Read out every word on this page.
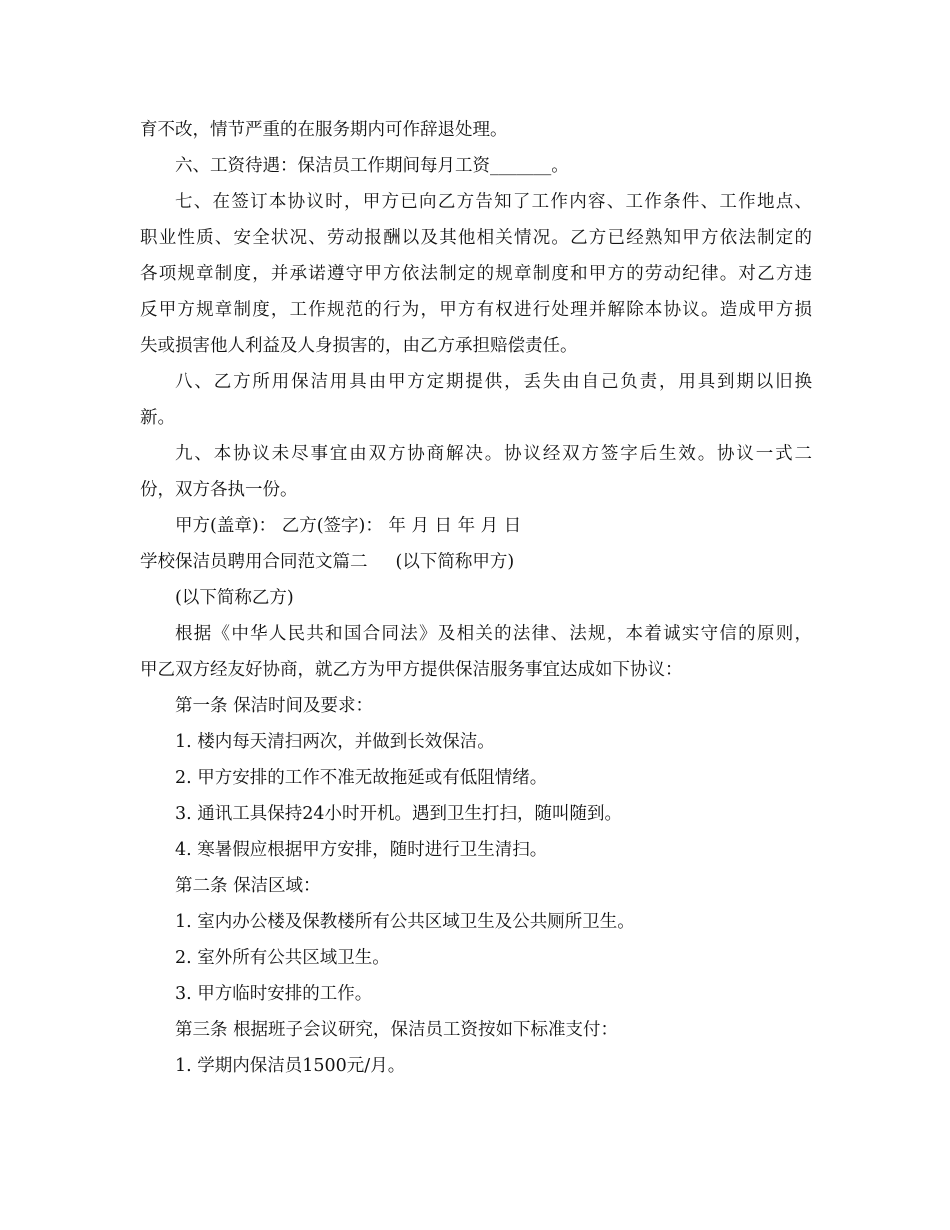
育不改，情节严重的在服务期内可作辞退处理。
六、工资待遇：保洁员工作期间每月工资_______。
七、在签订本协议时，甲方已向乙方告知了工作内容、工作条件、工作地点、
职业性质、安全状况、劳动报酬以及其他相关情况。乙方已经熟知甲方依法制定的
各项规章制度，并承诺遵守甲方依法制定的规章制度和甲方的劳动纪律。对乙方违
反甲方规章制度，工作规范的行为，甲方有权进行处理并解除本协议。造成甲方损
失或损害他人利益及人身损害的，由乙方承担赔偿责任。
八、乙方所用保洁用具由甲方定期提供，丢失由自己负责，用具到期以旧换
新。
九、本协议未尽事宜由双方协商解决。协议经双方签字后生效。协议一式二
份，双方各执一份。
甲方(盖章)： 乙方(签字)： 年 月 日 年 月 日
学校保洁员聘用合同范文篇二 (以下简称甲方)
(以下简称乙方)
根据《中华人民共和国合同法》及相关的法律、法规，本着诚实守信的原则，
甲乙双方经友好协商，就乙方为甲方提供保洁服务事宜达成如下协议：
第一条 保洁时间及要求：
1. 楼内每天清扫两次，并做到长效保洁。
2. 甲方安排的工作不准无故拖延或有低阻情绪。
3. 通讯工具保持24小时开机。遇到卫生打扫，随叫随到。
4. 寒暑假应根据甲方安排，随时进行卫生清扫。
第二条 保洁区域：
1. 室内办公楼及保教楼所有公共区域卫生及公共厕所卫生。
2. 室外所有公共区域卫生。
3. 甲方临时安排的工作。
第三条 根据班子会议研究，保洁员工资按如下标准支付：
1. 学期内保洁员1500元/月。
